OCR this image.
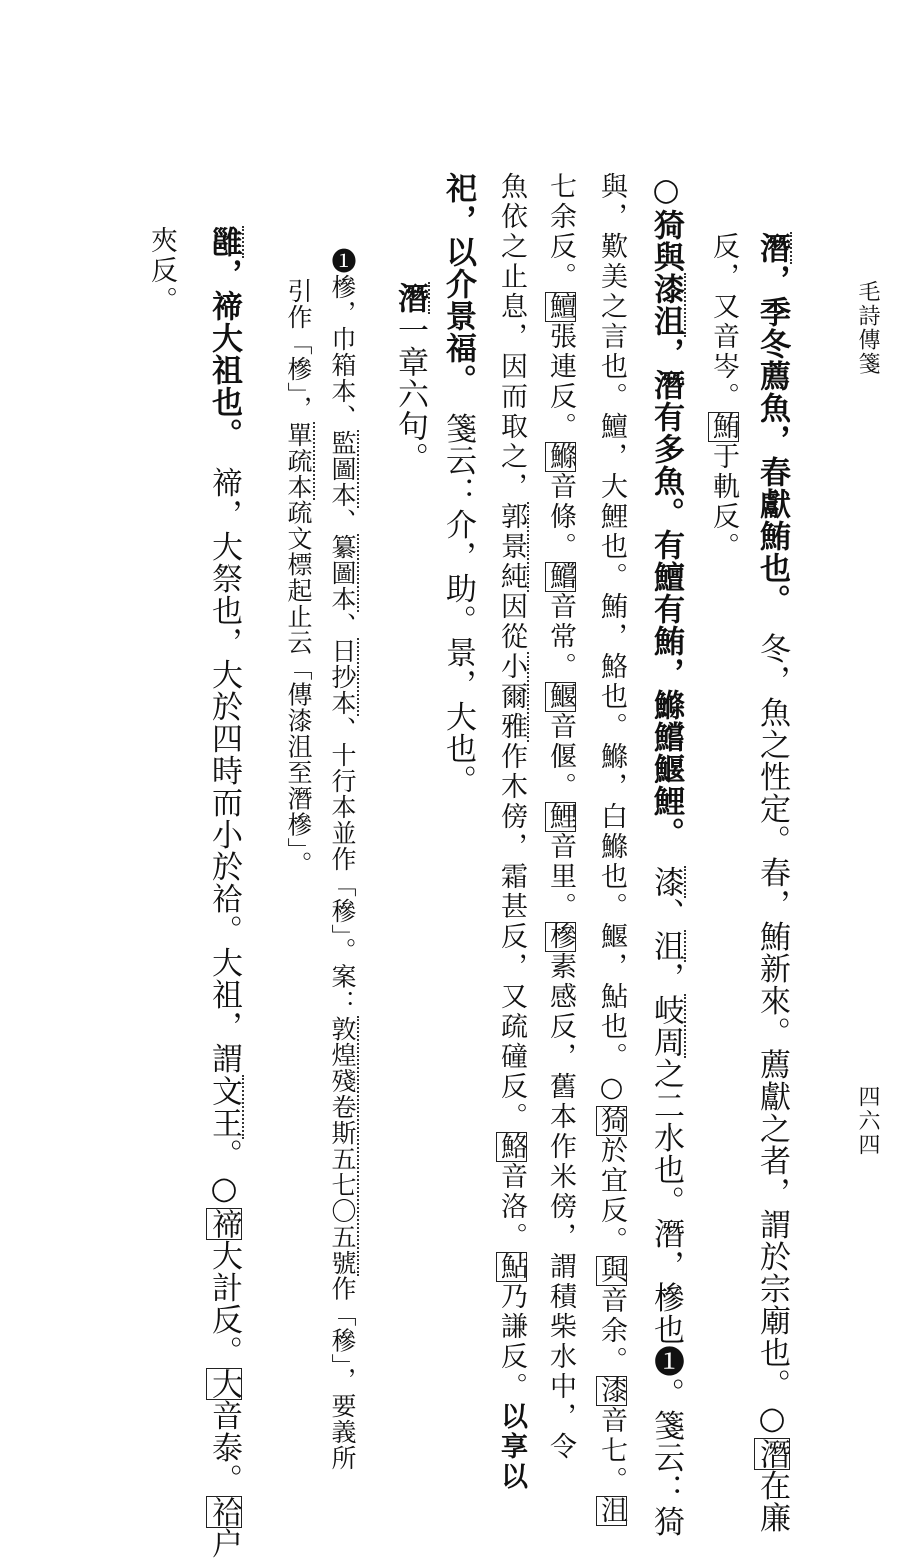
毛詩傳箋
四六四
潛，季冬薦魚，春獻鮪也。　冬，魚之性定。春，鮪新來。薦獻之者，謂於宗廟也。○潛在廉
反，又音岑。鮪于軌反。
○猗與漆沮，潛有多魚。有鱣有鮪，鰷鱨鰋鯉。　漆、沮，岐周之二水也。潛，槮也❶。箋云：猗
與，歎美之言也。鱣，大鯉也。鮪，鮥也。鰷，白鰷也。鰋，鮎也。○猗於宜反。與音余。漆音七。沮
七余反。鱣張連反。鰷音條。鱨音常。鰋音偃。鯉音里。槮素感反，舊本作米傍，謂積柴水中，令
魚依之止息，因而取之，郭景純因從小爾雅作木傍，霜甚反，又疏䃥反。鮥音洛。鮎乃謙反。以享以
祀，以介景福。　箋云：介，助。景，大也。
潛一章六句。
❶槮，巾箱本、監圖本、纂圖本、日抄本、十行本並作「穇」。案：敦煌殘卷斯五七〇五號作「穇」，要義所
引作「槮」，單疏本疏文標起止云「傳漆沮至潛槮」。
雝，禘大祖也。　禘，大祭也，大於四時而小於祫。大祖，謂文王。○禘大計反。大音泰。祫户
夾反。
